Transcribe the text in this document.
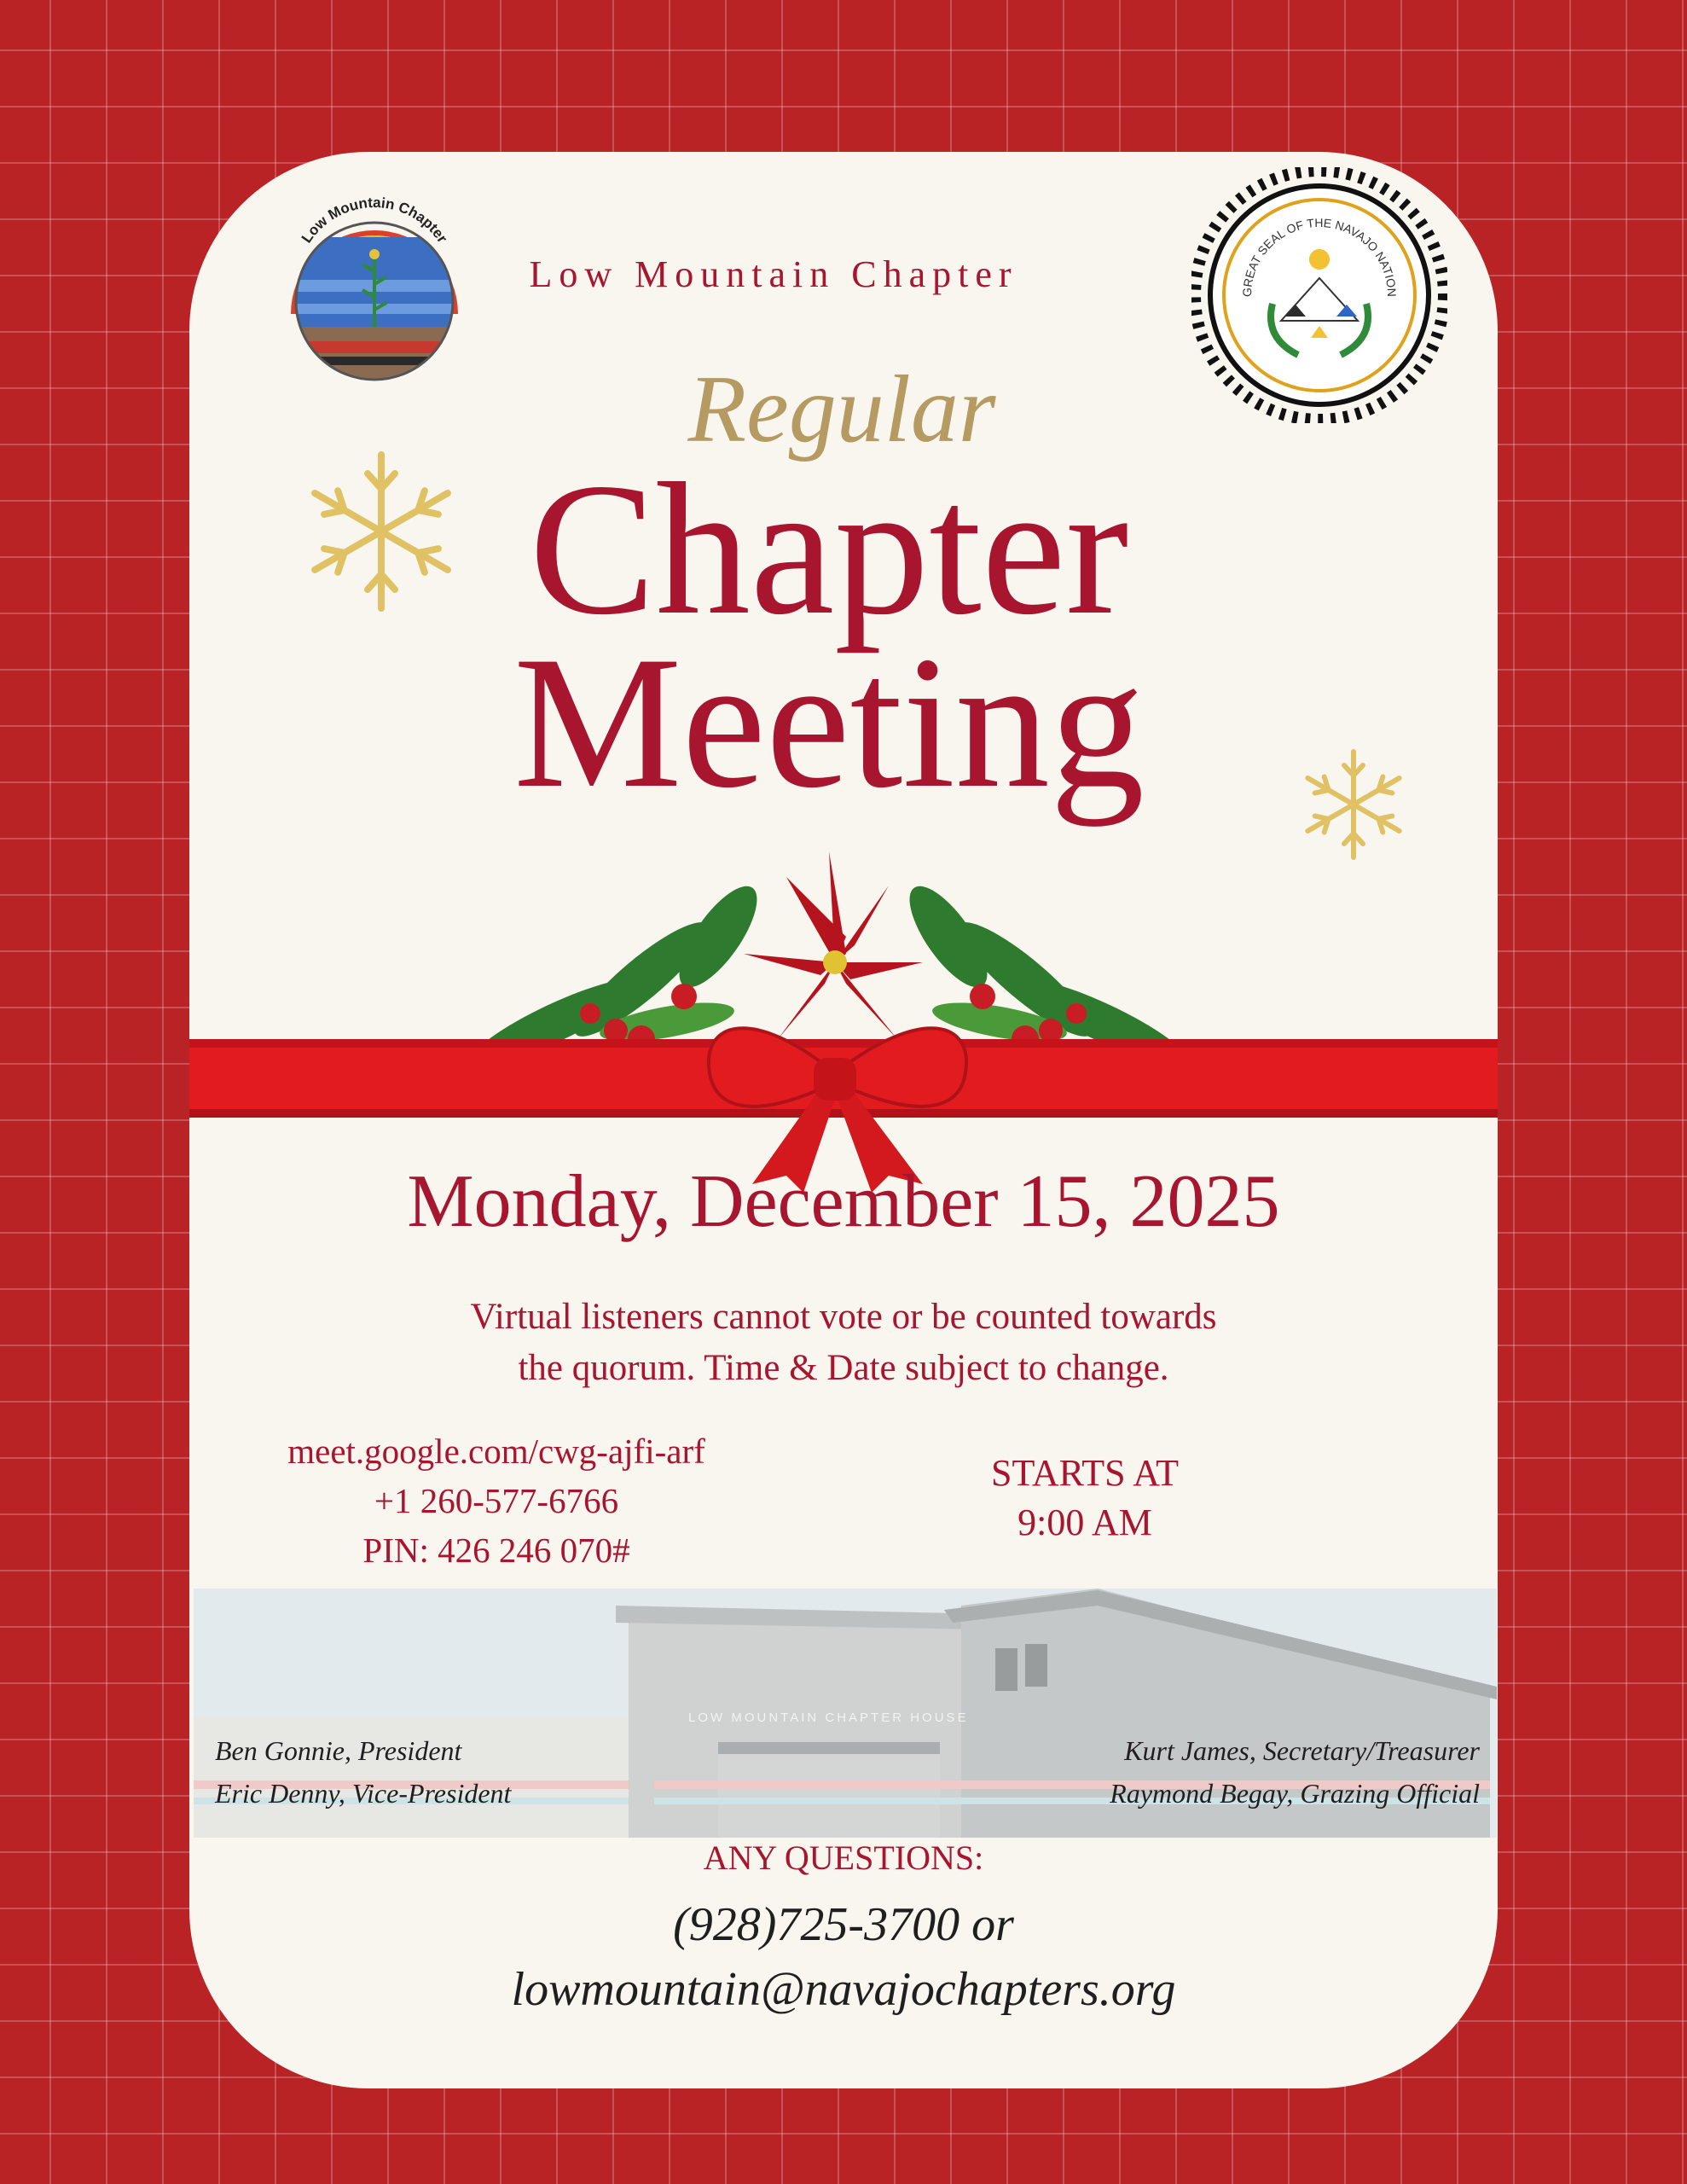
Low Mountain Chapter
Low Mountain Chapter	GREAT SEAL OF THE NAVAJO NATION
Regular
Chapter
Meeting
Monday, December 15, 2025
Virtual listeners cannot vote or be counted towards
the quorum. Time & Date subject to change.
meet.google.com/cwg-ajfi-arf
+1 260-577-6766
PIN: 426 246 070#
STARTS AT
9:00 AM
LOW MOUNTAIN CHAPTER HOUSE
Ben Gonnie, President
Eric Denny, Vice-President
Kurt James, Secretary/Treasurer
Raymond Begay, Grazing Official
ANY QUESTIONS:
(928)725-3700 or
lowmountain@navajochapters.org
